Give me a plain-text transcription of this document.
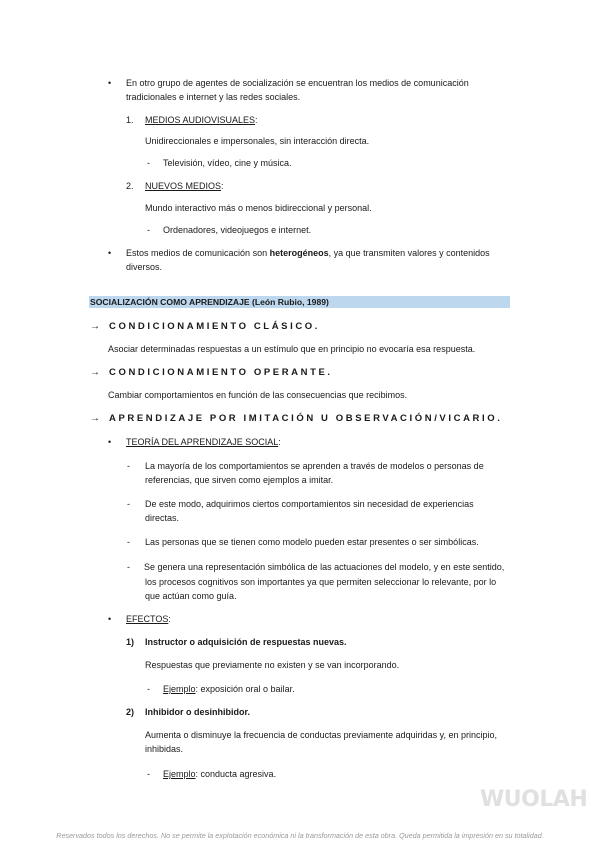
• En otro grupo de agentes de socialización se encuentran los medios de comunicación
tradicionales e internet y las redes sociales.
1. MEDIOS AUDIOVISUALES:
Unidireccionales e impersonales, sin interacción directa.
- Televisión, vídeo, cine y música.
2. NUEVOS MEDIOS:
Mundo interactivo más o menos bidireccional y personal.
- Ordenadores, videojuegos e internet.
• Estos medios de comunicación son heterogéneos, ya que transmiten valores y contenidos
diversos.
SOCIALIZACIÓN COMO APRENDIZAJE (León Rubio, 1989)
→ CONDICIONAMIENTO CLÁSICO.
Asociar determinadas respuestas a un estímulo que en principio no evocaría esa respuesta.
→ CONDICIONAMIENTO OPERANTE.
Cambiar comportamientos en función de las consecuencias que recibimos.
→ APRENDIZAJE POR IMITACIÓN U OBSERVACIÓN/VICARIO.
• TEORÍA DEL APRENDIZAJE SOCIAL:
- La mayoría de los comportamientos se aprenden a través de modelos o personas de
referencias, que sirven como ejemplos a imitar.
- De este modo, adquirimos ciertos comportamientos sin necesidad de experiencias
directas.
- Las personas que se tienen como modelo pueden estar presentes o ser simbólicas.
- Se genera una representación simbólica de las actuaciones del modelo, y en este sentido,
los procesos cognitivos son importantes ya que permiten seleccionar lo relevante, por lo
que actúan como guía.
• EFECTOS:
1) Instructor o adquisición de respuestas nuevas.
Respuestas que previamente no existen y se van incorporando.
- Ejemplo: exposición oral o bailar.
2) Inhibidor o desinhibidor.
Aumenta o disminuye la frecuencia de conductas previamente adquiridas y, en principio,
inhibidas.
- Ejemplo: conducta agresiva.
WUOLAH
Reservados todos los derechos. No se permite la explotación económica ni la transformación de esta obra. Queda permitida la impresión en su totalidad.
